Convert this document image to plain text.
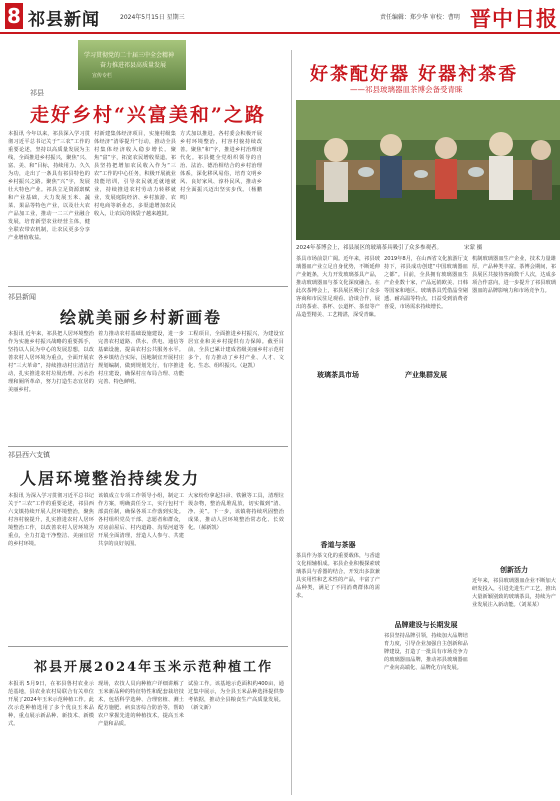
8 祁县新闻	2024年5月15日 星期三	责任编辑：郑少华 审校：曹明 晋中日报
学习贯彻党的二十届三中全会精神
奋力推进祁县高质量发展
宣传专栏
祁县
走好乡村“兴富美和”之路
本报讯 今年以来，祁县深入学习贯彻习近平总书记关于“三农”工作的重要论述，坚持以高质量发展为主线，全面推进乡村振兴，聚焦“兴、富、美、和”目标，持续用力、久久为功，走出了一条具有祁县特色的乡村振兴之路。聚焦“兴”字，发展壮大特色产业。祁县立足资源禀赋和产业基础，大力发展玉米、蔬菜、果品等特色产业，以及壮大农产品加工业，推动一二三产业融合发展，培育新型农业经营主体，健全联农带农机制，让农民更多分享产业增值收益。
村新建集体经济项目，实施村级集体经济“清零提升”行动，推动全县村集体经济收入稳步增长。聚焦“富”字，拓宽农民增收渠道。祁县坚持把增加农民收入作为“三农”工作的中心任务，积极开展就业技能培训，引导农民就近就地就业，持续推进农村劳动力转移就业，发展庭院经济、乡村旅游、农村电商等新业态，多渠道增加农民收入，让农民的钱袋子越来越鼓。
方式加以推进。各村委会积极开展乡村环境整治，村容村貌持续改善。聚焦“和”字，推进乡村治理现代化。祁县健全党组织领导的自治、法治、德治相结合的乡村治理体系，深化移风易俗，培育文明乡风、良好家风、淳朴民风，推动乡村全面振兴迈出坚实步伐。（杨鹏鸣）
好茶配好器 好器衬茶香
——祁县玻璃器皿茶博会备受青睐
2024年茶博会上，祁县展区的玻璃茶具吸引了众多参观者。	宋蒙 摄
茶具市场前景广阔。近年来，祁县玻璃器皿产业立足自身优势，不断延伸产业链条，大力开发玻璃茶具产品，推动玻璃器皿与茶文化深度融合。在此次茶博会上，祁县展区吸引了众多客商和市民驻足观看、洽谈合作，展出的茶壶、茶杯、公道杯、茶盘等产品造型精美、工艺精湛，深受青睐。
2019年8月，在山西省文化旅游厅支持下，祁县成功创建“中国玻璃器皿之都”。目前，全县拥有玻璃器皿生产企业数十家，产品远销欧美、日韩等国家和地区。玻璃茶具凭借晶莹剔透、耐高温等特点，日益受到消费者喜爱，市场需求持续增长。
机制玻璃器皿生产企业，技术力量雄厚，产品种类丰富。茶博会期间，祁县展区共接待客商数千人次，达成多项合作意向，进一步提升了祁县玻璃器皿的品牌影响力和市场竞争力。
玻璃茶具市场	产业集群发展
香道与茶器
茶具作为茶文化的重要载体，与香道文化相辅相成。祁县企业积极探索玻璃茶具与香器的结合，开发出多款兼具实用性和艺术性的产品，丰富了产品种类，满足了不同消费群体的需求。
品牌建设与长期发展
祁县坚持品牌引领，持续加大品牌培育力度，引导企业加强自主创新和品牌建设，打造了一批具有市场竞争力的玻璃器皿品牌，推动祁县玻璃器皿产业向高端化、品牌化方向发展。
创新活力
近年来，祁县玻璃器皿企业不断加大研发投入，引进先进生产工艺，推出大量新颖别致的玻璃茶具，持续为产业发展注入新动能。（刘某某）
祁县新闻
绘就美丽乡村新画卷
本报讯 近年来，祁县把人居环境整治作为实施乡村振兴战略的重要抓手，坚持以人民为中心的发展思想，以改善农村人居环境为重点，全面开展农村“三大革命”，持续推动村庄清洁行动，扎实推进农村垃圾治理、污水治理和厕所革命，努力打造生态宜居的美丽乡村。
着力推动农村基础设施建设，进一步完善农村道路、供水、供电、通信等基础设施，提高农村公共服务水平。各乡镇结合实际，因地制宜开展村庄规划编制，做到规划先行，有序推进村庄建设，确保村庄布局合理、功能完善、特色鲜明。
工程项目，全面推进乡村振兴，为建设宜居宜业和美乡村提供有力保障。截至目前，全县已累计建成省级美丽乡村示范村多个，有力推动了乡村产业、人才、文化、生态、组织振兴。（赵凯）
祁县西六支镇
人居环境整治持续发力
本报讯 为深入学习贯彻习近平总书记关于“三农”工作的重要论述，祁县西六支镇持续开展人居环境整治，聚焦村容村貌提升，扎实推进农村人居环境整治工作，以改善农村人居环境为重点，全力打造干净整洁、美丽宜居的乡村环境。
该镇成立专项工作领导小组，制定工作方案，明确责任分工，实行包村干部责任制，确保各项工作落到实处。各村组织党员干部、志愿者和群众，对房前屋后、村内道路、沟渠河道等开展全面清理，营造人人参与、共建共享的良好氛围。
大家纷纷拿起扫帚、铁锹等工具，清理垃圾杂物，整治乱堆乱放，切实做到“清、净、美”。下一步，该镇将持续巩固整治成果，推动人居环境整治常态化、长效化。（郝新凯）
祁县开展2024年玉米示范种植工作
本报讯 5月9日，在祁县鲁村农业示范基地，县农业农村局联合有关单位开展了2024年玉米示范种植工作。此次示范种植选用了多个优良玉米品种，重点展示新品种、新技术、新模式。
现场，农技人员向种植户详细讲解了玉米新品种的特征特性和配套栽培技术，包括科学选种、合理密植、测土配方施肥、病虫害综合防治等，帮助农户掌握先进的种植技术，提高玉米产量和品质。
试验工作。该基地示范面积约400亩，通过集中展示，为全县玉米品种选择提供参考依据，推动全县粮食生产高质量发展。（新文新）
